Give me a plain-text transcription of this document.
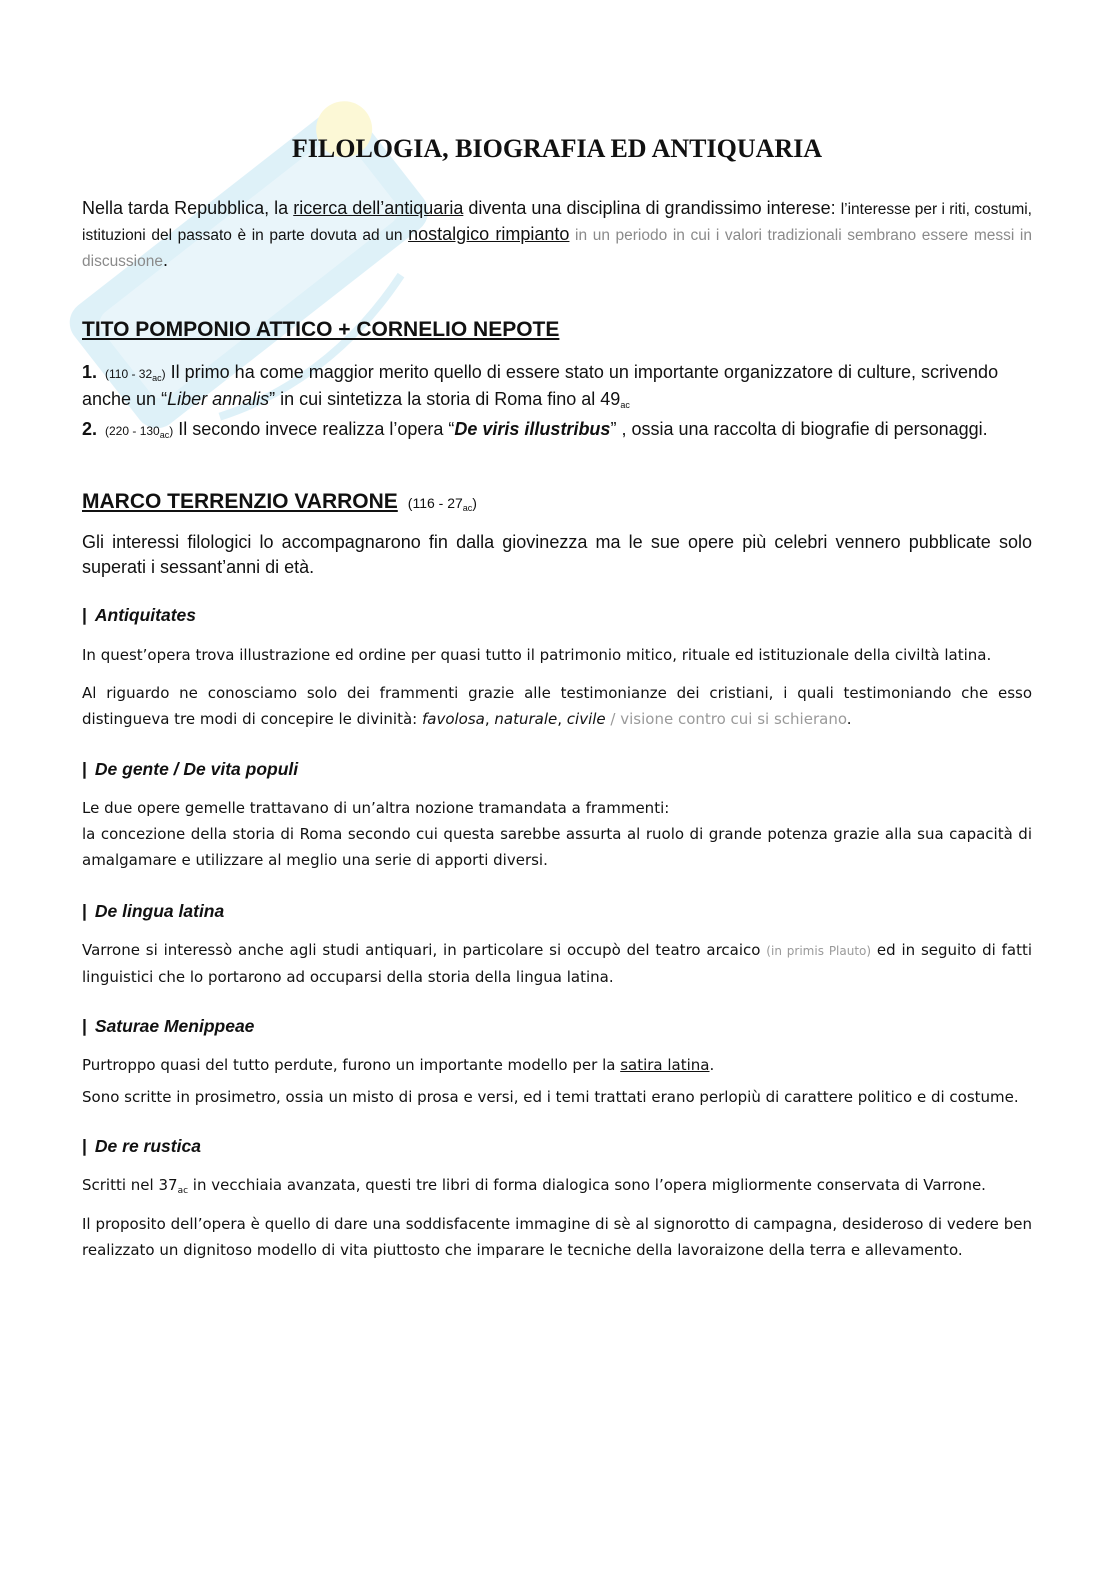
FILOLOGIA, BIOGRAFIA ED ANTIQUARIA

Nella tarda Repubblica, la ricerca dell’antiquaria diventa una disciplina di grandissimo interese: l’interesse per i riti, costumi, istituzioni del passato è in parte dovuta ad un nostalgico rimpianto in un periodo in cui i valori tradizionali sembrano essere messi in discussione.

TITO POMPONIO ATTICO + CORNELIO NEPOTE
1. $(110 - 32_{ac})$ Il primo ha come maggior merito quello di essere stato un importante organizzatore di culture, scrivendo anche un “Liber annalis” in cui sintetizza la storia di Roma fino al $49_{ac}$
2. $(220 - 130_{ac})$ Il secondo invece realizza l’opera “De viris illustribus” , ossia una raccolta di biografie di personaggi.
MARCO TERRENZIO VARRONE $(116 - 27_{ac})$

Gli interessi filologici lo accompagnarono fin dalla giovinezza ma le sue opere più celebri vennero pubblicate solo superati i sessant’anni di età.

| Antiquitates

In quest’opera trova illustrazione ed ordine per quasi tutto il patrimonio mitico, rituale ed istituzionale della civiltà latina.

Al riguardo ne conosciamo solo dei frammenti grazie alle testimonianze dei cristiani, i quali testimoniando che esso distingueva tre modi di concepire le divinità: favolosa, naturale, civile / visione contro cui si schierano.

| De gente / De vita populi

Le due opere gemelle trattavano di un’altra nozione tramandata a frammenti:

la concezione della storia di Roma secondo cui questa sarebbe assurta al ruolo di grande potenza grazie alla sua capacità di amalgamare e utilizzare al meglio una serie di apporti diversi.

| De lingua latina

Varrone si interessò anche agli studi antiquari, in particolare si occupò del teatro arcaico (in primis Plauto) ed in seguito di fatti linguistici che lo portarono ad occuparsi della storia della lingua latina.

| Saturae Menippeae

Purtroppo quasi del tutto perdute, furono un importante modello per la satira latina.

Sono scritte in prosimetro, ossia un misto di prosa e versi, ed i temi trattati erano perlopiù di carattere politico e di costume.

| De re rustica

Scritti nel $37_{ac}$ in vecchiaia avanzata, questi tre libri di forma dialogica sono l’opera migliormente conservata di Varrone.

Il proposito dell’opera è quello di dare una soddisfacente immagine di sè al signorotto di campagna, desideroso di vedere ben realizzato un dignitoso modello di vita piuttosto che imparare le tecniche della lavoraizone della terra e allevamento.
